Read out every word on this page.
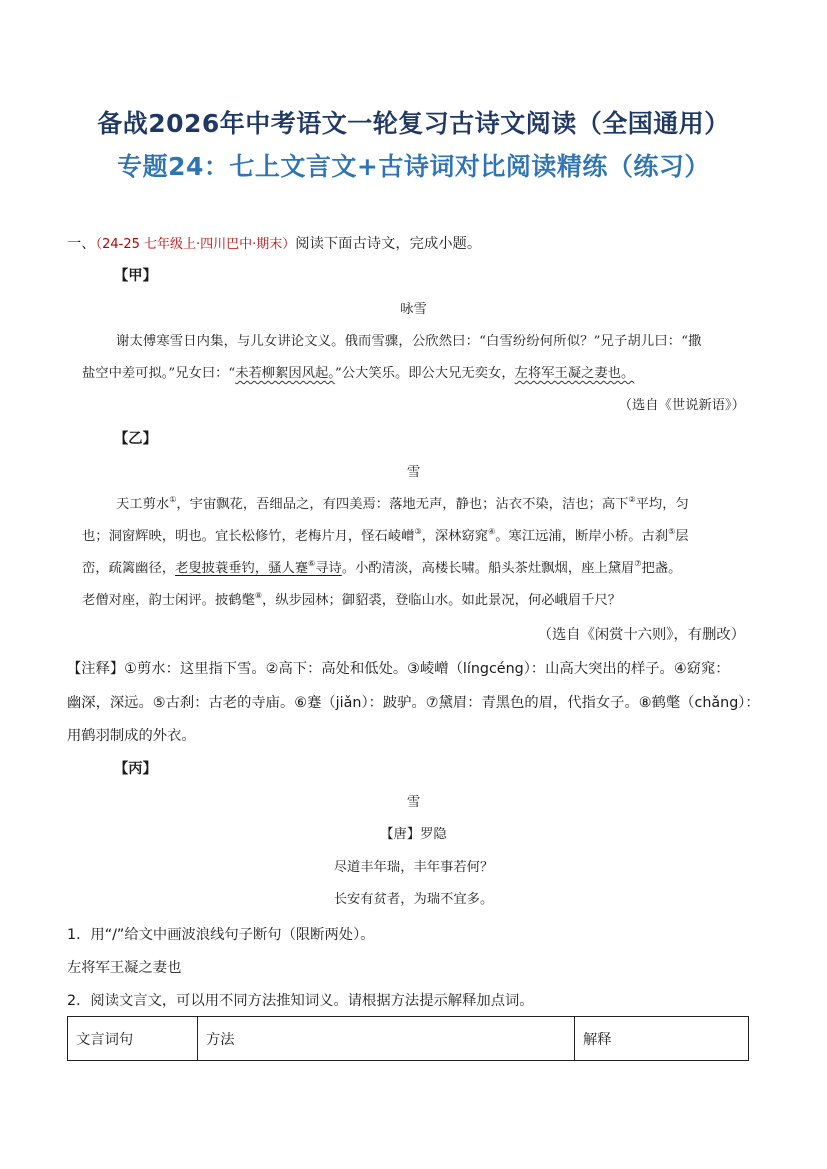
备战2026年中考语文一轮复习古诗文阅读（全国通用）
专题24：七上文言文+古诗词对比阅读精练（练习）
一、（24-25 七年级上·四川巴中·期末）阅读下面古诗文，完成小题。
【甲】
咏雪
谢太傅寒雪日内集，与儿女讲论文义。俄而雪骤，公欣然曰：“白雪纷纷何所似？”兄子胡儿曰：“撒
盐空中差可拟。”兄女曰：“未若柳絮因风起。”公大笑乐。即公大兄无奕女，左将军王凝之妻也。
（选自《世说新语》）
【乙】
雪
天工剪水①，宇宙飘花，吾细品之，有四美焉：落地无声，静也；沾衣不染，洁也；高下②平均，匀
也；洞窗辉映，明也。宜长松修竹，老梅片月，怪石崚嶒③，深林窈窕④。寒江远浦，断岸小桥。古刹⑤层
峦，疏篱幽径，老叟披蓑垂钓，骚人蹇⑥寻诗。小酌清淡，高楼长啸。船头茶灶飘烟，座上黛眉⑦把盏。
老僧对座，韵士闲评。披鹤氅⑧，纵步园林；御貂裘，登临山水。如此景况，何必峨眉千尺？
（选自《闲赏十六则》，有删改）
【注释】①剪水：这里指下雪。②高下：高处和低处。③崚嶒（língcéng）：山高大突出的样子。④窈窕：
幽深，深远。⑤古刹：古老的寺庙。⑥蹇（jiǎn）：跛驴。⑦黛眉：青黑色的眉，代指女子。⑧鹤氅（chǎng）：
用鹤羽制成的外衣。
【丙】
雪
【唐】罗隐
尽道丰年瑞，丰年事若何？
长安有贫者，为瑞不宜多。
1．用“/”给文中画波浪线句子断句（限断两处）。
左将军王凝之妻也
2．阅读文言文，可以用不同方法推知词义。请根据方法提示解释加点词。
文言词句	方法	解释
